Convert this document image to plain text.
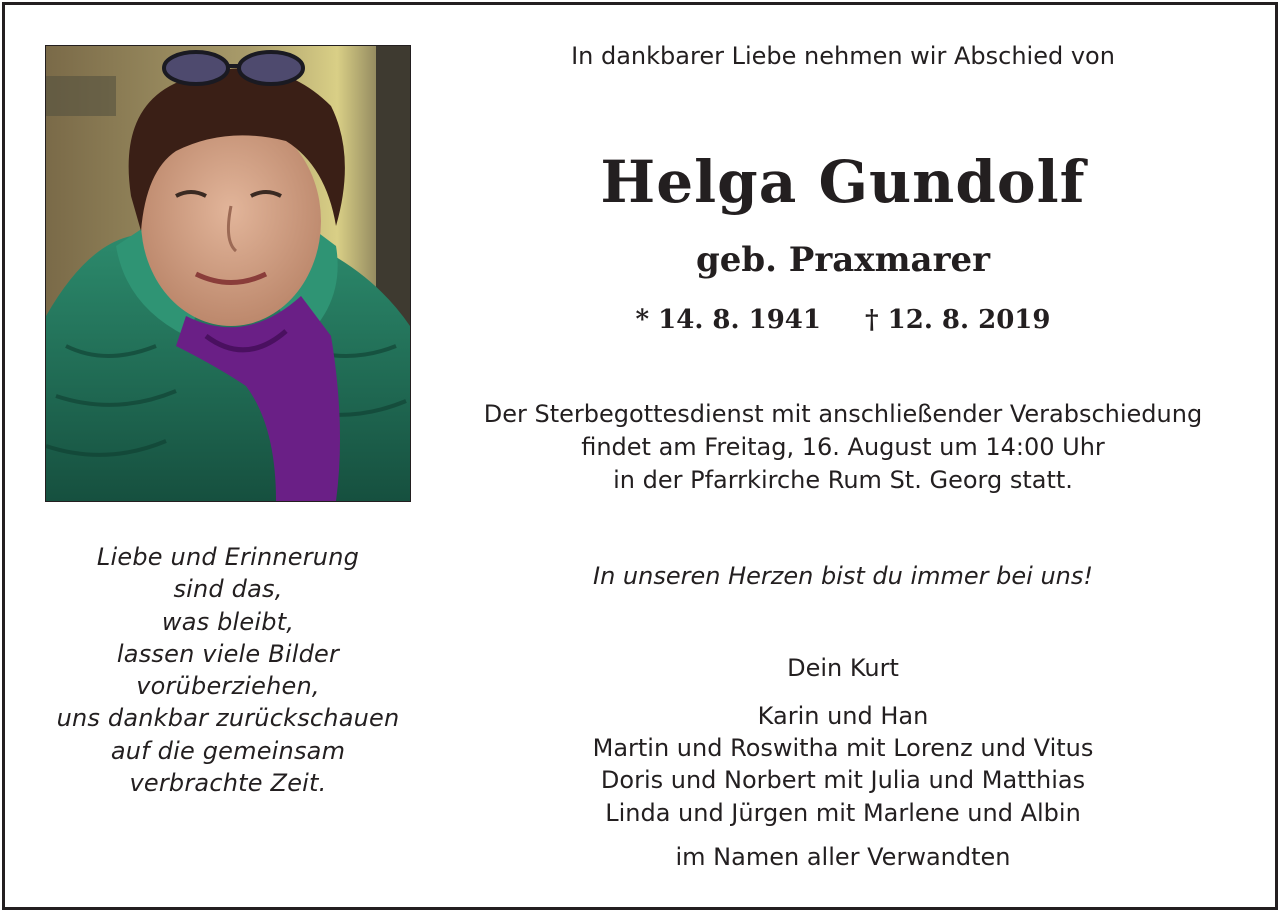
Liebe und Erinnerung
sind das,
was bleibt,
lassen viele Bilder
vorüberziehen,
uns dankbar zurückschauen
auf die gemeinsam
verbrachte Zeit.
In dankbarer Liebe nehmen wir Abschied von
Helga Gundolf
geb. Praxmarer
* 14. 8. 1941 † 12. 8. 2019
Der Sterbegottesdienst mit anschließender Verabschiedung
findet am Freitag, 16. August um 14:00 Uhr
in der Pfarrkirche Rum St. Georg statt.
In unseren Herzen bist du immer bei uns!
Dein Kurt
Karin und Han
Martin und Roswitha mit Lorenz und Vitus
Doris und Norbert mit Julia und Matthias
Linda und Jürgen mit Marlene und Albin
im Namen aller Verwandten
